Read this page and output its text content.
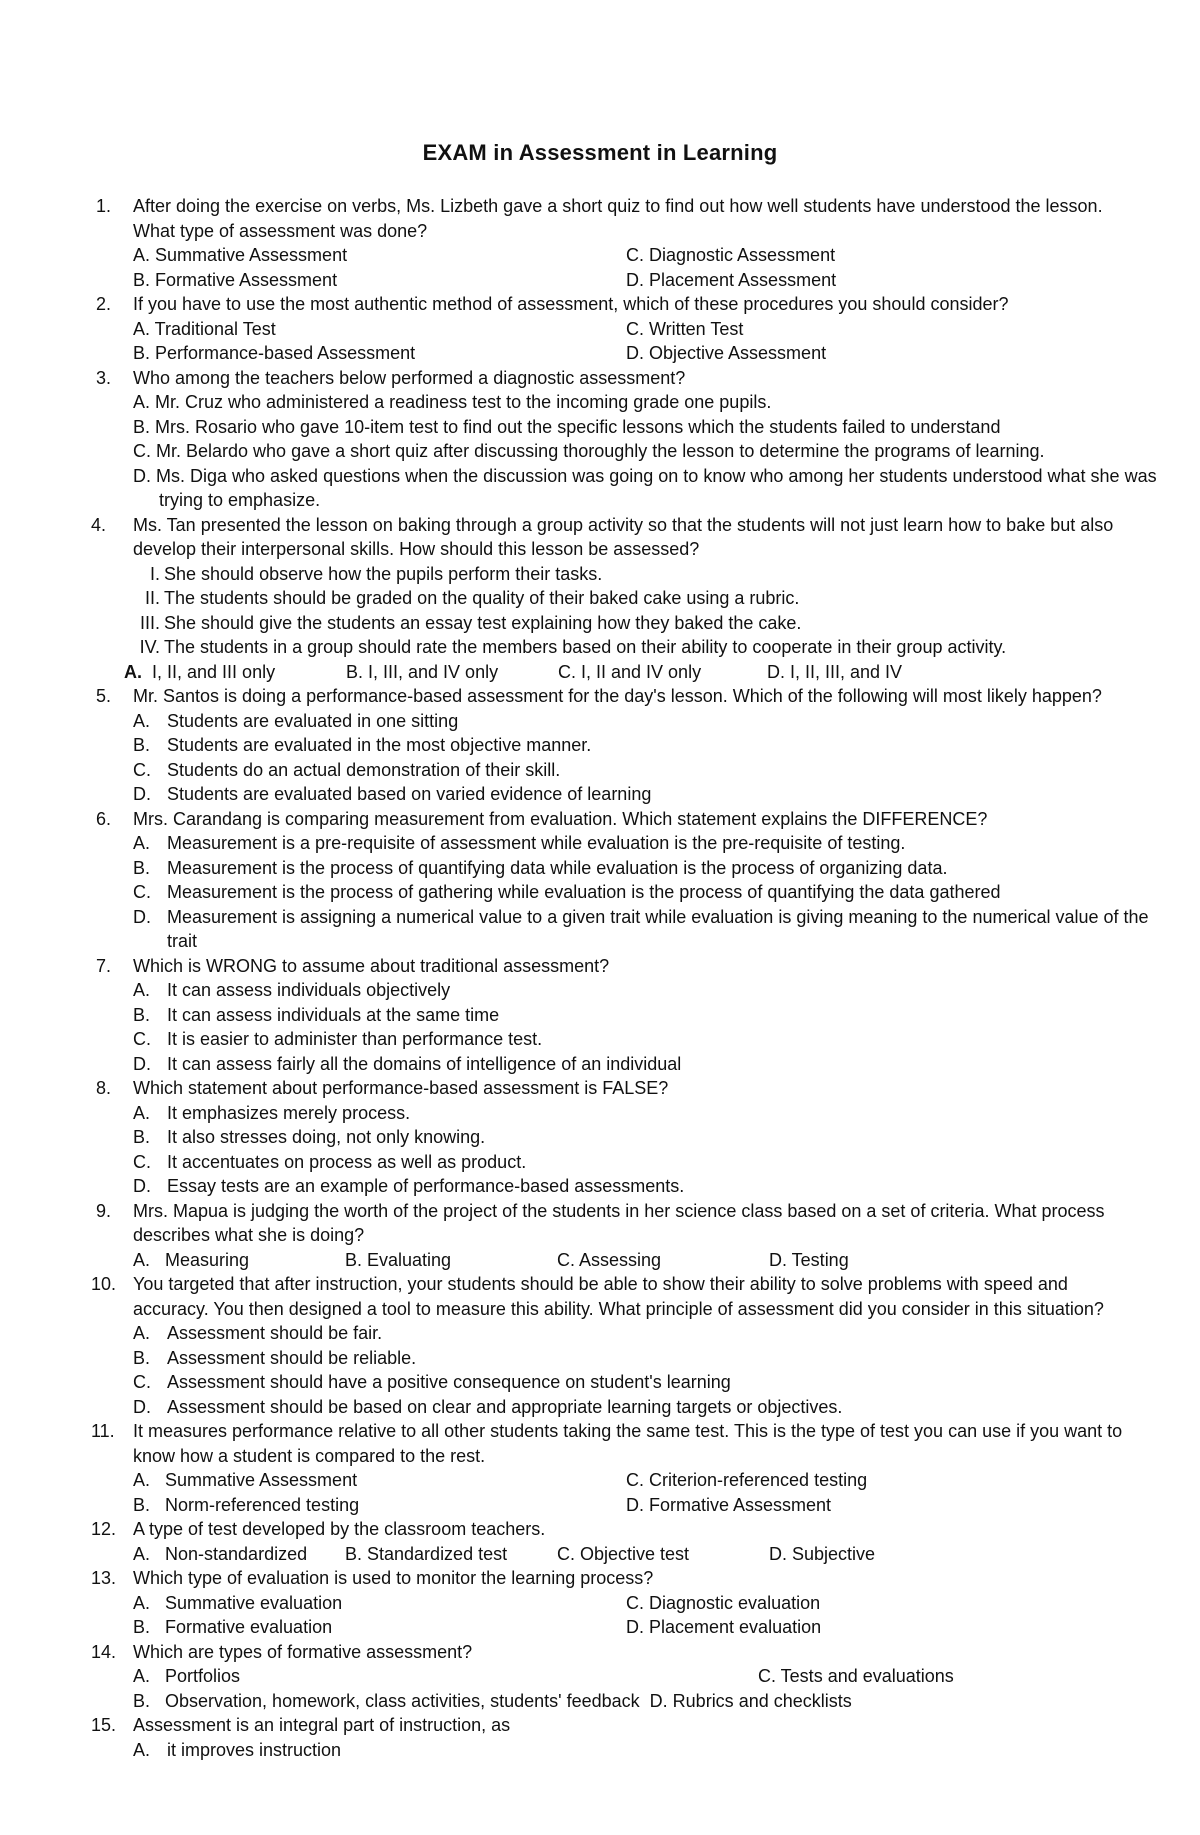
EXAM in Assessment in Learning
1.	After doing the exercise on verbs, Ms. Lizbeth gave a short quiz to find out how well students have understood the lesson. What type of assessment was done?
A. Summative Assessment	C. Diagnostic Assessment
B. Formative Assessment	D. Placement Assessment
2.	If you have to use the most authentic method of assessment, which of these procedures you should consider?
A. Traditional Test	C. Written Test
B. Performance-based Assessment	D. Objective Assessment
3.	Who among the teachers below performed a diagnostic assessment?
A. Mr. Cruz who administered a readiness test to the incoming grade one pupils.
B. Mrs. Rosario who gave 10-item test to find out the specific lessons which the students failed to understand
C. Mr. Belardo who gave a short quiz after discussing thoroughly the lesson to determine the programs of learning.
D. Ms. Diga who asked questions when the discussion was going on to know who among her students understood what she was trying to emphasize.
4.	Ms. Tan presented the lesson on baking through a group activity so that the students will not just learn how to bake but also develop their interpersonal skills. How should this lesson be assessed?
I. She should observe how the pupils perform their tasks.
II. The students should be graded on the quality of their baked cake using a rubric.
III. She should give the students an essay test explaining how they baked the cake.
IV. The students in a group should rate the members based on their ability to cooperate in their group activity.
A. I, II, and III only	B. I, III, and IV only	C. I, II and IV only	D. I, II, III, and IV
5.	Mr. Santos is doing a performance-based assessment for the day's lesson. Which of the following will most likely happen?
A. Students are evaluated in one sitting
B. Students are evaluated in the most objective manner.
C. Students do an actual demonstration of their skill.
D. Students are evaluated based on varied evidence of learning
6.	Mrs. Carandang is comparing measurement from evaluation. Which statement explains the DIFFERENCE?
A. Measurement is a pre-requisite of assessment while evaluation is the pre-requisite of testing.
B. Measurement is the process of quantifying data while evaluation is the process of organizing data.
C. Measurement is the process of gathering while evaluation is the process of quantifying the data gathered
D. Measurement is assigning a numerical value to a given trait while evaluation is giving meaning to the numerical value of the trait
7.	Which is WRONG to assume about traditional assessment?
A. It can assess individuals objectively
B. It can assess individuals at the same time
C. It is easier to administer than performance test.
D. It can assess fairly all the domains of intelligence of an individual
8.	Which statement about performance-based assessment is FALSE?
A. It emphasizes merely process.
B. It also stresses doing, not only knowing.
C. It accentuates on process as well as product.
D. Essay tests are an example of performance-based assessments.
9.	Mrs. Mapua is judging the worth of the project of the students in her science class based on a set of criteria. What process describes what she is doing?
A.   Measuring	B. Evaluating	C. Assessing	D. Testing
10. You targeted that after instruction, your students should be able to show their ability to solve problems with speed and accuracy. You then designed a tool to measure this ability. What principle of assessment did you consider in this situation?
A. Assessment should be fair.
B. Assessment should be reliable.
C. Assessment should have a positive consequence on student's learning
D. Assessment should be based on clear and appropriate learning targets or objectives.
11.	It measures performance relative to all other students taking the same test. This is the type of test you can use if you want to know how a student is compared to the rest.
A.   Summative Assessment	C. Criterion-referenced testing
B.   Norm-referenced testing	D. Formative Assessment
12. A type of test developed by the classroom teachers.
A.   Non-standardized	B. Standardized test	C. Objective test	D. Subjective
13. Which type of evaluation is used to monitor the learning process?
A.   Summative evaluation	C. Diagnostic evaluation
B.   Formative evaluation	D. Placement evaluation
14. Which are types of formative assessment?
A.   Portfolios	C. Tests and evaluations
B.   Observation, homework, class activities, students' feedback D. Rubrics and checklists
15. Assessment is an integral part of instruction, as
A. it improves instruction
